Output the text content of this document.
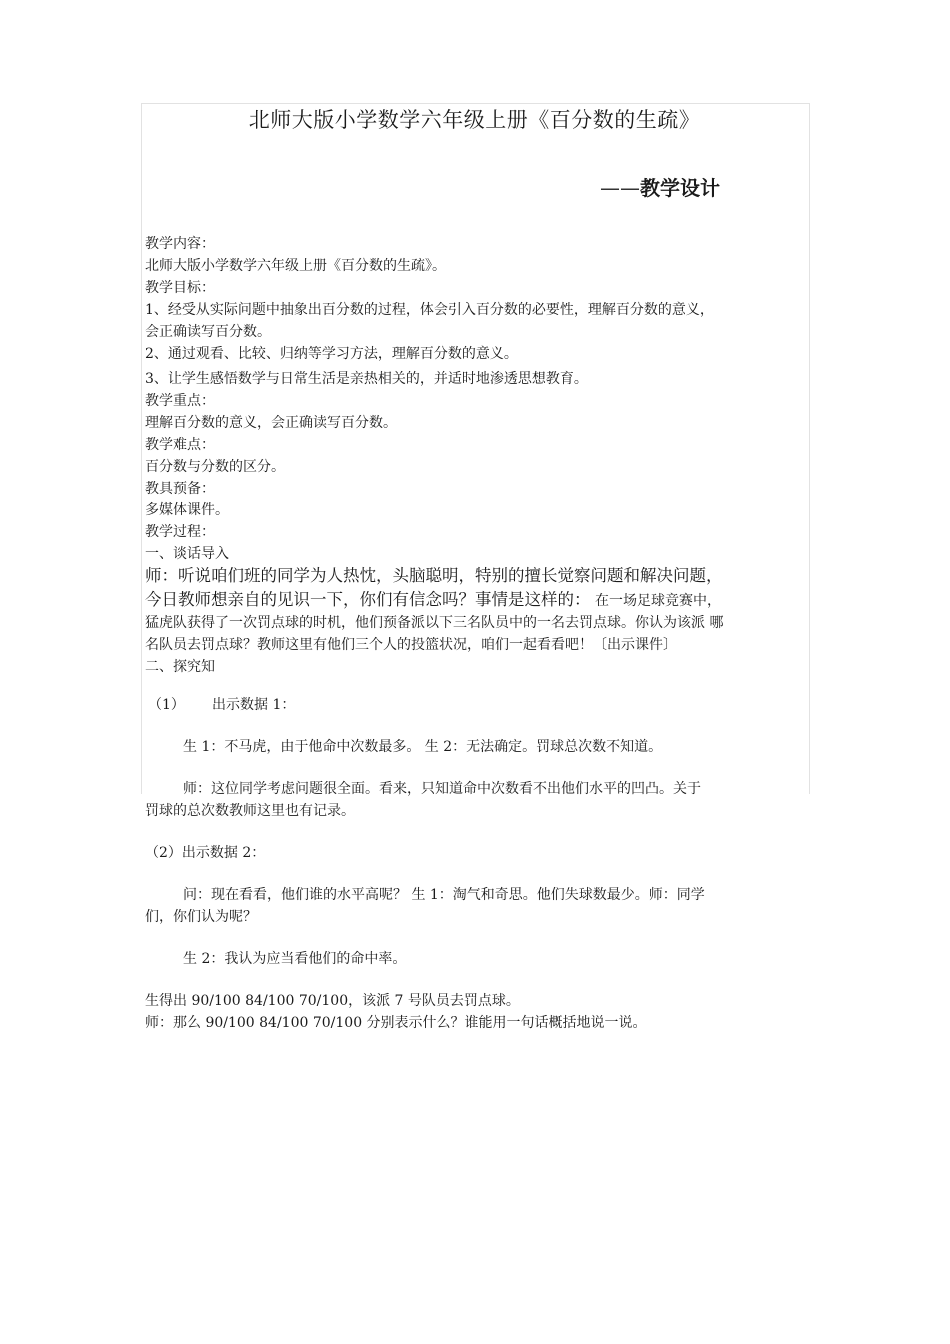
北师大版小学数学六年级上册《百分数的生疏》
——教学设计
教学内容：
北师大版小学数学六年级上册《百分数的生疏》。
教学目标：
1、经受从实际问题中抽象出百分数的过程，体会引入百分数的必要性，理解百分数的意义，
会正确读写百分数。
2、通过观看、比较、归纳等学习方法，理解百分数的意义。
3、让学生感悟数学与日常生活是亲热相关的，并适时地渗透思想教育。
教学重点：
理解百分数的意义，会正确读写百分数。
教学难点：
百分数与分数的区分。
教具预备：
多媒体课件。
教学过程：
一、谈话导入
师：听说咱们班的同学为人热忱，头脑聪明，特别的擅长觉察问题和解决问题，
今日教师想亲自的见识一下，你们有信念吗？事情是这样的： 在一场足球竞赛中，
猛虎队获得了一次罚点球的时机，他们预备派以下三名队员中的一名去罚点球。你认为该派 哪
名队员去罚点球？教师这里有他们三个人的投篮状况，咱们一起看看吧！〔出示课件〕
二、探究知
（1） 出示数据 1：
生 1：不马虎，由于他命中次数最多。 生 2：无法确定。罚球总次数不知道。
师：这位同学考虑问题很全面。看来，只知道命中次数看不出他们水平的凹凸。关于
罚球的总次数教师这里也有记录。
（2）出示数据 2：
问：现在看看，他们谁的水平高呢？ 生 1：淘气和奇思。他们失球数最少。师：同学
们，你们认为呢？
生 2：我认为应当看他们的命中率。
生得出 90/100 84/100 70/100，该派 7 号队员去罚点球。
师：那么 90/100 84/100 70/100 分别表示什么？谁能用一句话概括地说一说。
